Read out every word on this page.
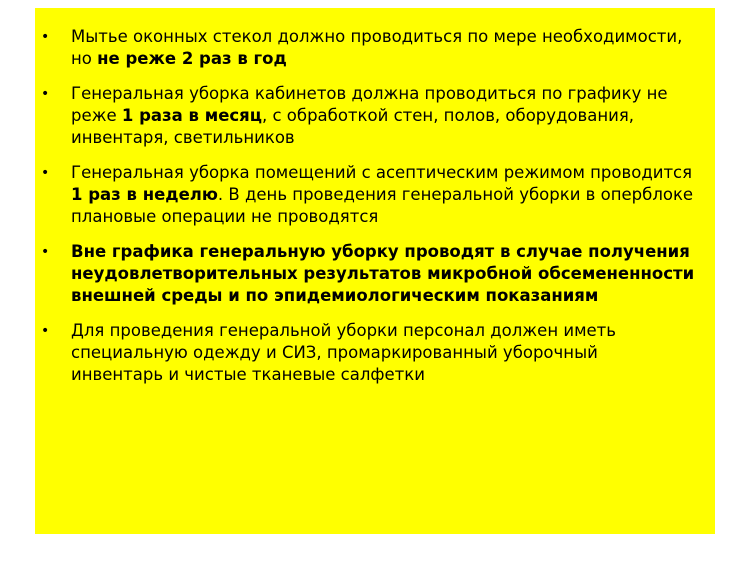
• Мытье оконных стекол должно проводиться по мере необходимости, но не реже 2 раз в год
• Генеральная уборка кабинетов должна проводиться по графику не реже 1 раза в месяц, с обработкой стен, полов, оборудования, инвентаря, светильников
• Генеральная уборка помещений с асептическим режимом проводится 1 раз в неделю. В день проведения генеральной уборки в оперблоке плановые операции не проводятся
• Вне графика генеральную уборку проводят в случае получения неудовлетворительных результатов микробной обсемененности внешней среды и по эпидемиологическим показаниям
• Для проведения генеральной уборки персонал должен иметь специальную одежду и СИЗ, промаркированный уборочный инвентарь и чистые тканевые салфетки
